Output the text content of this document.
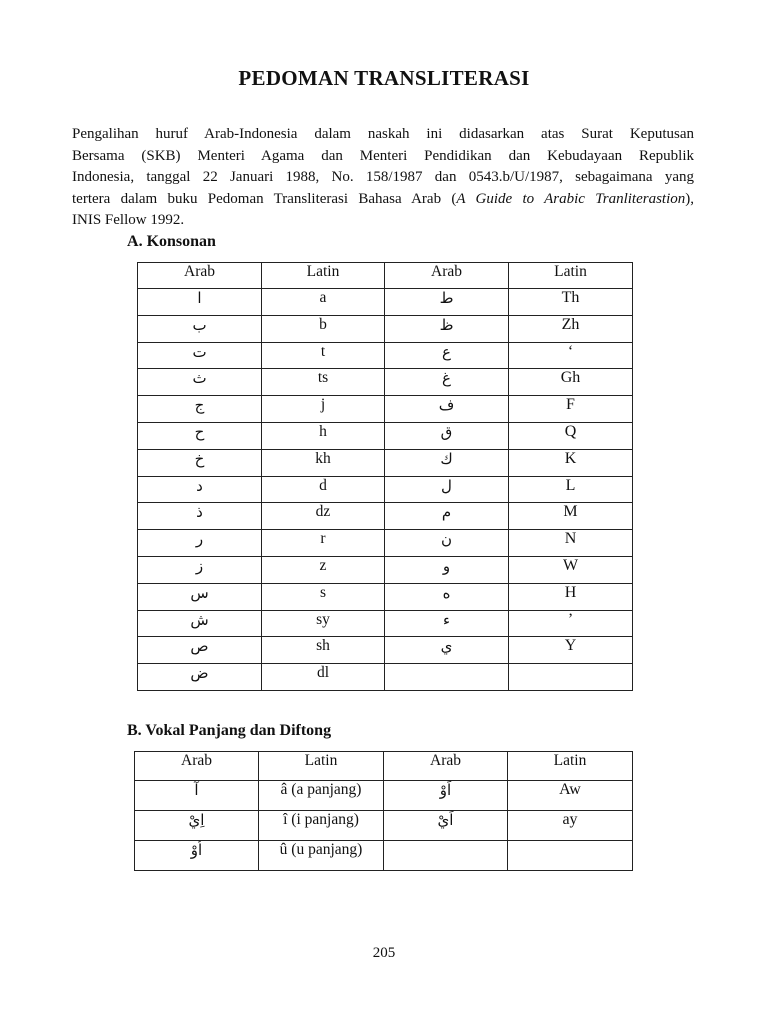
PEDOMAN TRANSLITERASI
Pengalihan huruf Arab-Indonesia dalam naskah ini didasarkan atas Surat Keputusan
Bersama (SKB) Menteri Agama dan Menteri Pendidikan dan Kebudayaan Republik
Indonesia, tanggal 22 Januari 1988, No. 158/1987 dan 0543.b/U/1987, sebagaimana yang
tertera dalam buku Pedoman Transliterasi Bahasa Arab (A Guide to Arabic Tranliterastion),
INIS Fellow 1992.
A. Konsonan
Arab	Latin	Arab	Latin
ا	a	ط	Th
ب	b	ظ	Zh
ت	t	ع	‘
ث	ts	غ	Gh
ج	j	ف	F
ح	h	ق	Q
خ	kh	ك	K
د	d	ل	L
ذ	dz	م	M
ر	r	ن	N
ز	z	و	W
س	s	ه	H
ش	sy	ء	’
ص	sh	ي	Y
ض	dl		
B. Vokal Panjang dan Diftong
Arab	Latin	Arab	Latin
آ	â (a panjang)	اَوْ	Aw
اِيْ	î (i panjang)	اَيْ	ay
اُوْ	û (u panjang)		
205
